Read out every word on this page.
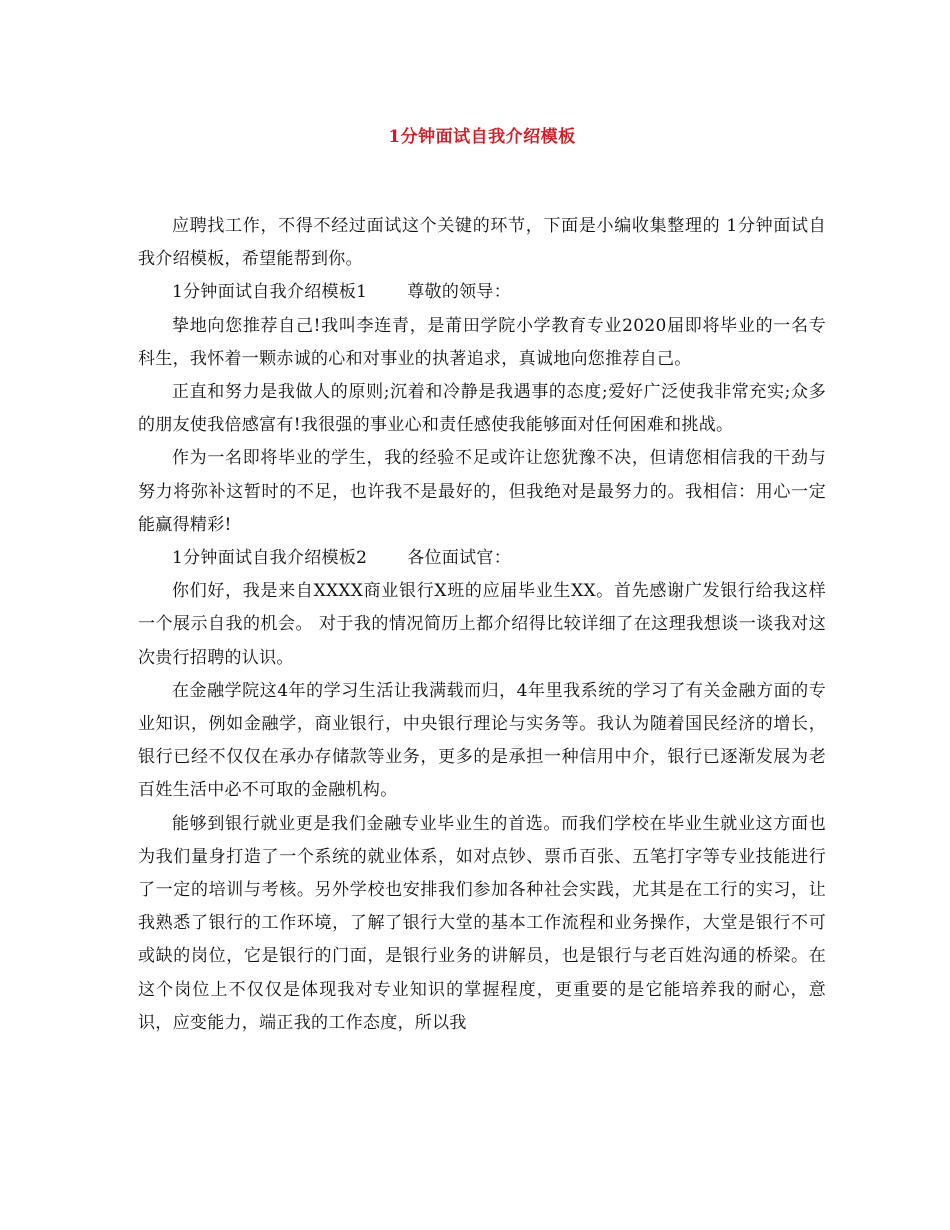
1分钟面试自我介绍模板

应聘找工作，不得不经过面试这个关键的环节，下面是小编收集整理的 1分钟面试自我介绍模板，希望能帮到你。

1分钟面试自我介绍模板1 尊敬的领导：

挚地向您推荐自己!我叫李连青，是莆田学院小学教育专业2020届即将毕业的一名专科生，我怀着一颗赤诚的心和对事业的执著追求，真诚地向您推荐自己。

正直和努力是我做人的原则;沉着和冷静是我遇事的态度;爱好广泛使我非常充实;众多的朋友使我倍感富有!我很强的事业心和责任感使我能够面对任何困难和挑战。

作为一名即将毕业的学生，我的经验不足或许让您犹豫不决，但请您相信我的干劲与努力将弥补这暂时的不足，也许我不是最好的，但我绝对是最努力的。我相信：用心一定能赢得精彩!

1分钟面试自我介绍模板2 各位面试官：

你们好，我是来自XXXX商业银行X班的应届毕业生XX。首先感谢广发银行给我这样一个展示自我的机会。 对于我的情况简历上都介绍得比较详细了在这理我想谈一谈我对这次贵行招聘的认识。

在金融学院这4年的学习生活让我满载而归，4年里我系统的学习了有关金融方面的专业知识，例如金融学，商业银行，中央银行理论与实务等。我认为随着国民经济的增长，银行已经不仅仅在承办存储款等业务，更多的是承担一种信用中介，银行已逐渐发展为老百姓生活中必不可取的金融机构。

能够到银行就业更是我们金融专业毕业生的首选。而我们学校在毕业生就业这方面也为我们量身打造了一个系统的就业体系，如对点钞、票币百张、五笔打字等专业技能进行了一定的培训与考核。另外学校也安排我们参加各种社会实践，尤其是在工行的实习，让我熟悉了银行的工作环境，了解了银行大堂的基本工作流程和业务操作，大堂是银行不可或缺的岗位，它是银行的门面，是银行业务的讲解员，也是银行与老百姓沟通的桥梁。在这个岗位上不仅仅是体现我对专业知识的掌握程度，更重要的是它能培养我的耐心，意识，应变能力，端正我的工作态度，所以我
